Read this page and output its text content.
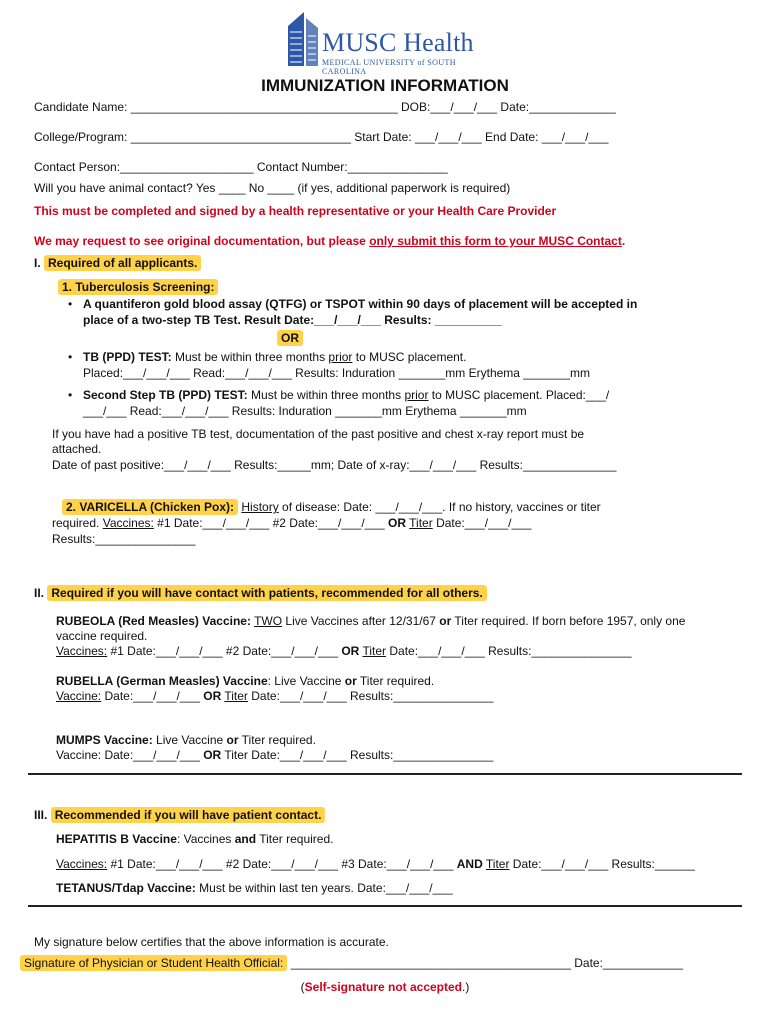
MUSC Health
MEDICAL UNIVERSITY of SOUTH CAROLINA
IMMUNIZATION INFORMATION
Candidate Name: ________________________________________ DOB:___/___/___ Date:_____________
College/Program: _________________________________ Start Date: ___/___/___ End Date: ___/___/___
Contact Person:____________________ Contact Number:_______________
Will you have animal contact? Yes ____ No ____ (if yes, additional paperwork is required)
This must be completed and signed by a health representative or your Health Care Provider
We may request to see original documentation, but please only submit this form to your MUSC Contact.
I. Required of all applicants.
1. Tuberculosis Screening:
• A quantiferon gold blood assay (QTFG) or TSPOT within 90 days of placement will be accepted in
place of a two-step TB Test. Result Date:___/___/___ Results: __________
OR
• TB (PPD) TEST: Must be within three months prior to MUSC placement.
Placed:___/___/___ Read:___/___/___ Results: Induration _______mm Erythema _______mm
• Second Step TB (PPD) TEST: Must be within three months prior to MUSC placement. Placed:___/
___/___ Read:___/___/___ Results: Induration _______mm Erythema _______mm
If you have had a positive TB test, documentation of the past positive and chest x-ray report must be
attached.
Date of past positive:___/___/___ Results:_____mm; Date of x-ray:___/___/___ Results:______________
2. VARICELLA (Chicken Pox): History of disease: Date: ___/___/___. If no history, vaccines or titer
required. Vaccines: #1 Date:___/___/___ #2 Date:___/___/___ OR Titer Date:___/___/___
Results:_______________
II. Required if you will have contact with patients, recommended for all others.
RUBEOLA (Red Measles) Vaccine: TWO Live Vaccines after 12/31/67 or Titer required. If born before 1957, only one
vaccine required.
Vaccines: #1 Date:___/___/___ #2 Date:___/___/___ OR Titer Date:___/___/___ Results:_______________
RUBELLA (German Measles) Vaccine: Live Vaccine or Titer required.
Vaccine: Date:___/___/___ OR Titer Date:___/___/___ Results:_______________
MUMPS Vaccine: Live Vaccine or Titer required.
Vaccine: Date:___/___/___ OR Titer Date:___/___/___ Results:_______________
III. Recommended if you will have patient contact.
HEPATITIS B Vaccine: Vaccines and Titer required.
Vaccines: #1 Date:___/___/___ #2 Date:___/___/___ #3 Date:___/___/___ AND Titer Date:___/___/___ Results:______
TETANUS/Tdap Vaccine: Must be within last ten years. Date:___/___/___
My signature below certifies that the above information is accurate.
Signature of Physician or Student Health Official: __________________________________________ Date:____________
(Self-signature not accepted.)
